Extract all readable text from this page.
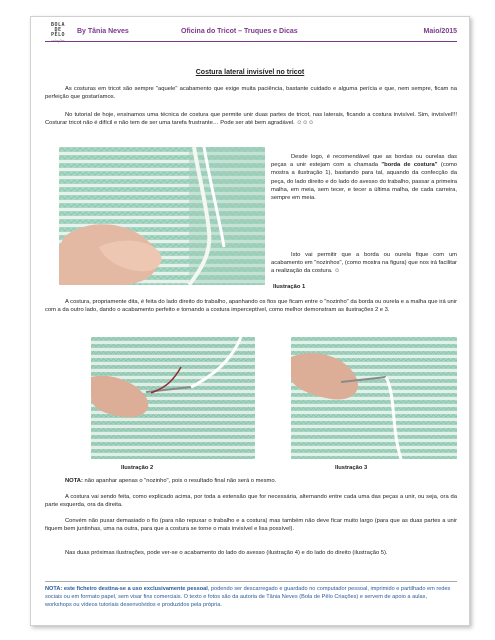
BOLA
DE
PÊLO
criações
By Tânia Neves	Oficina do Tricot – Truques e Dicas	Maio/2015
Costura lateral invisível no tricot

As costuras em tricot são sempre "aquele" acabamento que exige muita paciência, bastante cuidado e alguma perícia e que, nem sempre, ficam na perfeição que gostaríamos.

No tutorial de hoje, ensinamos uma técnica de costura que permite unir duas partes de tricot, nas laterais, ficando a costura invisível. Sim, invisível!!! Costurar tricot não é difícil e não tem de ser uma tarefa frustrante… Pode ser até bem agradável. ☺☺☺

Desde logo, é recomendável que as bordas ou ourelas das peças a unir estejam com a chamada "borda de costura" (como mostra a ilustração 1), bastando para tal, aquando da confecção da peça, do lado direito e do lado do avesso do trabalho, passar a primeira malha, em meia, sem tecer, e tecer a última malha, de cada carreira, sempre em meia.

Isto vai permitir que a borda ou ourela fique com um acabamento em "nozinhos", (como mostra na figura) que nos irá facilitar a realização da costura. ☺

Ilustração 1

A costura, propriamente dita, é feita do lado direito do trabalho, apanhando os fios que ficam entre o "nozinho" da borda ou ourela e a malha que irá unir com a da outro lado, dando o acabamento perfeito e tornando a costura imperceptível, como melhor demonstram as ilustrações 2 e 3.

Ilustração 2	Ilustração 3

NOTA: não apanhar apenas o "nozinho", pois o resultado final não será o mesmo.

A costura vai sendo feita, como explicado acima, por toda a extensão que for necessária, alternando entre cada uma das peças a unir, ou seja, ora da parte esquerda, ora da direita.

Convém não puxar demasiado o fio (para não repuxar o trabalho e a costura) mas também não deve ficar muito largo (para que as duas partes a unir fiquem bem juntinhas, uma na outra, para que a costura se torne o mais invisível e lisa possível).

Nas duas próximas ilustrações, pode ver-se o acabamento do lado do avesso (ilustração 4) e do lado do direito (ilustração 5).

NOTA: este ficheiro destina-se a uso exclusivamente pessoal, podendo ser descarregado e guardado no computador pessoal, imprimido e partilhado em redes sociais ou em formato papel, sem visar fins comerciais. O texto e fotos são da autoria de Tânia Neves (Bola de Pêlo Criações) e servem de apoio a aulas, workshops ou vídeos tutoriais desenvolvidos e produzidos pela própria.
